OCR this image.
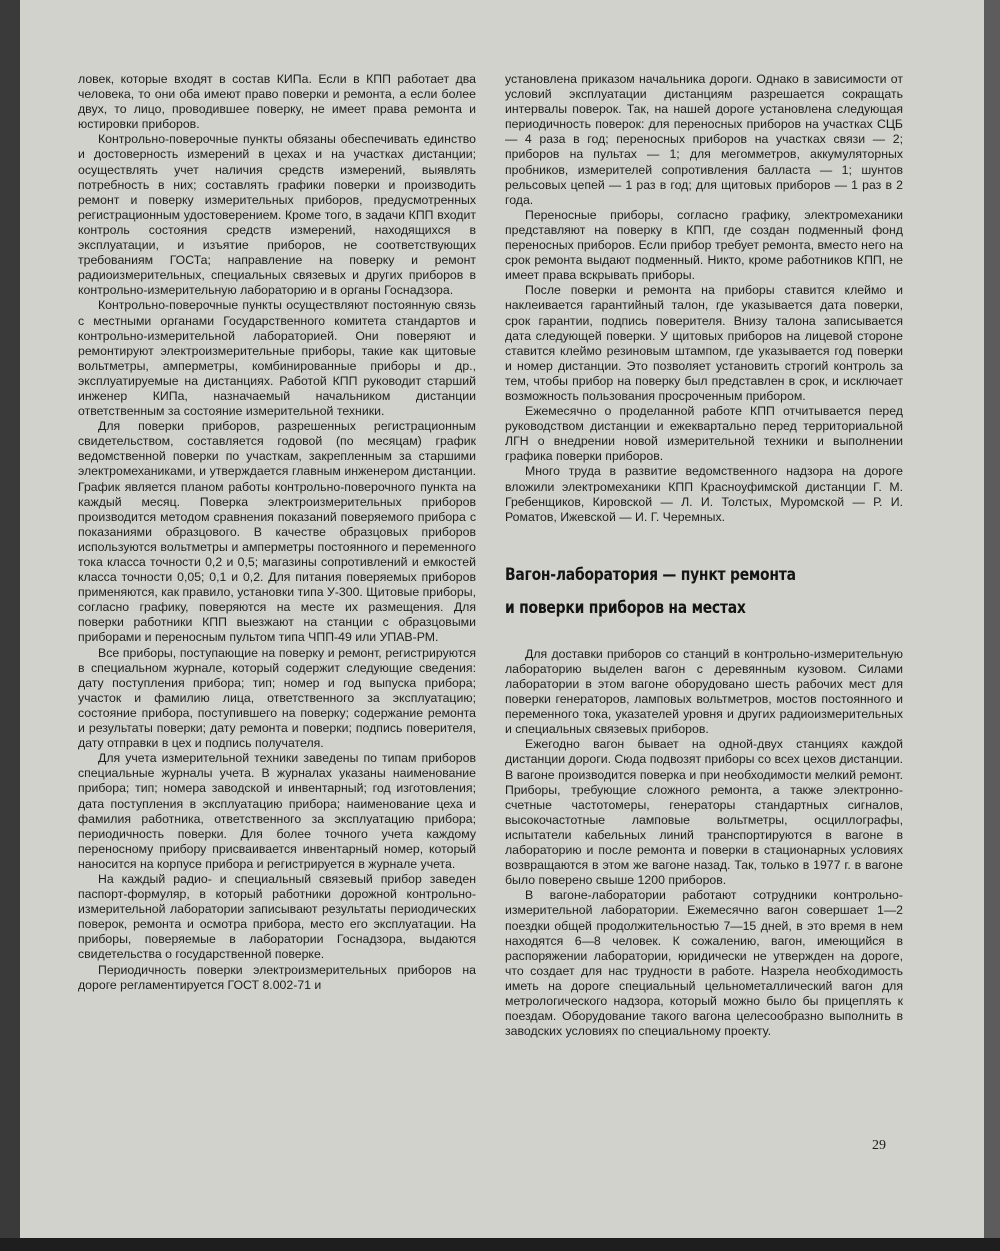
ловек, которые входят в состав КИПа. Если в КПП работает два человека, то они оба имеют право поверки и ремонта, а если более двух, то лицо, проводившее поверку, не имеет права ремонта и юстировки приборов.

Контрольно-поверочные пункты обязаны обеспечивать единство и достоверность измерений в цехах и на участках дистанции; осуществлять учет наличия средств измерений, выявлять потребность в них; составлять графики поверки и производить ремонт и поверку измерительных приборов, предусмотренных регистрационным удостоверением. Кроме того, в задачи КПП входит контроль состояния средств измерений, находящихся в эксплуатации, и изъятие приборов, не соответствующих требованиям ГОСТа; направление на поверку и ремонт радиоизмерительных, специальных связевых и других приборов в контрольно-измерительную лабораторию и в органы Госнадзора.

Контрольно-поверочные пункты осуществляют постоянную связь с местными органами Государственного комитета стандартов и контрольно-измерительной лабораторией. Они поверяют и ремонтируют электроизмерительные приборы, такие как щитовые вольтметры, амперметры, комбинированные приборы и др., эксплуатируемые на дистанциях. Работой КПП руководит старший инженер КИПа, назначаемый начальником дистанции ответственным за состояние измерительной техники.

Для поверки приборов, разрешенных регистрационным свидетельством, составляется годовой (по месяцам) график ведомственной поверки по участкам, закрепленным за старшими электромеханиками, и утверждается главным инженером дистанции. График является планом работы контрольно-поверочного пункта на каждый месяц. Поверка электроизмерительных приборов производится методом сравнения показаний поверяемого прибора с показаниями образцового. В качестве образцовых приборов используются вольтметры и амперметры постоянного и переменного тока класса точности 0,2 и 0,5; магазины сопротивлений и емкостей класса точности 0,05; 0,1 и 0,2. Для питания поверяемых приборов применяются, как правило, установки типа У-300. Щитовые приборы, согласно графику, поверяются на месте их размещения. Для поверки работники КПП выезжают на станции с образцовыми приборами и переносным пультом типа ЧПП-49 или УПАВ-РМ.

Все приборы, поступающие на поверку и ремонт, регистрируются в специальном журнале, который содержит следующие сведения: дату поступления прибора; тип; номер и год выпуска прибора; участок и фамилию лица, ответственного за эксплуатацию; состояние прибора, поступившего на поверку; содержание ремонта и результаты поверки; дату ремонта и поверки; подпись поверителя, дату отправки в цех и подпись получателя.

Для учета измерительной техники заведены по типам приборов специальные журналы учета. В журналах указаны наименование прибора; тип; номера заводской и инвентарный; год изготовления; дата поступления в эксплуатацию прибора; наименование цеха и фамилия работника, ответственного за эксплуатацию прибора; периодичность поверки. Для более точного учета каждому переносному прибору присваивается инвентарный номер, который наносится на корпусе прибора и регистрируется в журнале учета.

На каждый радио- и специальный связевый прибор заведен паспорт-формуляр, в который работники дорожной контрольно-измерительной лаборатории записывают результаты периодических поверок, ремонта и осмотра прибора, место его эксплуатации. На приборы, поверяемые в лаборатории Госнадзора, выдаются свидетельства о государственной поверке.

Периодичность поверки электроизмерительных приборов на дороге регламентируется ГОСТ 8.002-71 и

установлена приказом начальника дороги. Однако в зависимости от условий эксплуатации дистанциям разрешается сокращать интервалы поверок. Так, на нашей дороге установлена следующая периодичность поверок: для переносных приборов на участках СЦБ — 4 раза в год; переносных приборов на участках связи — 2; приборов на пультах — 1; для мегомметров, аккумуляторных пробников, измерителей сопротивления балласта — 1; шунтов рельсовых цепей — 1 раз в год; для щитовых приборов — 1 раз в 2 года.

Переносные приборы, согласно графику, электромеханики представляют на поверку в КПП, где создан подменный фонд переносных приборов. Если прибор требует ремонта, вместо него на срок ремонта выдают подменный. Никто, кроме работников КПП, не имеет права вскрывать приборы.

После поверки и ремонта на приборы ставится клеймо и наклеивается гарантийный талон, где указывается дата поверки, срок гарантии, подпись поверителя. Внизу талона записывается дата следующей поверки. У щитовых приборов на лицевой стороне ставится клеймо резиновым штампом, где указывается год поверки и номер дистанции. Это позволяет установить строгий контроль за тем, чтобы прибор на поверку был представлен в срок, и исключает возможность пользования просроченным прибором.

Ежемесячно о проделанной работе КПП отчитывается перед руководством дистанции и ежеквартально перед территориальной ЛГН о внедрении новой измерительной техники и выполнении графика поверки приборов.

Много труда в развитие ведомственного надзора на дороге вложили электромеханики КПП Красноуфимской дистанции Г. М. Гребенщиков, Кировской — Л. И. Толстых, Муромской — Р. И. Роматов, Ижевской — И. Г. Черемных.

Вагон-лаборатория — пункт ремонта
и поверки приборов на местах

Для доставки приборов со станций в контрольно-измерительную лабораторию выделен вагон с деревянным кузовом. Силами лаборатории в этом вагоне оборудовано шесть рабочих мест для поверки генераторов, ламповых вольтметров, мостов постоянного и переменного тока, указателей уровня и других радиоизмерительных и специальных связевых приборов.

Ежегодно вагон бывает на одной-двух станциях каждой дистанции дороги. Сюда подвозят приборы со всех цехов дистанции. В вагоне производится поверка и при необходимости мелкий ремонт. Приборы, требующие сложного ремонта, а также электронно-счетные частотомеры, генераторы стандартных сигналов, высокочастотные ламповые вольтметры, осциллографы, испытатели кабельных линий транспортируются в вагоне в лабораторию и после ремонта и поверки в стационарных условиях возвращаются в этом же вагоне назад. Так, только в 1977 г. в вагоне было поверено свыше 1200 приборов.

В вагоне-лаборатории работают сотрудники контрольно-измерительной лаборатории. Ежемесячно вагон совершает 1—2 поездки общей продолжительностью 7—15 дней, в это время в нем находятся 6—8 человек. К сожалению, вагон, имеющийся в распоряжении лаборатории, юридически не утвержден на дороге, что создает для нас трудности в работе. Назрела необходимость иметь на дороге специальный цельнометаллический вагон для метрологического надзора, который можно было бы прицеплять к поездам. Оборудование такого вагона целесообразно выполнить в заводских условиях по специальному проекту.

29
